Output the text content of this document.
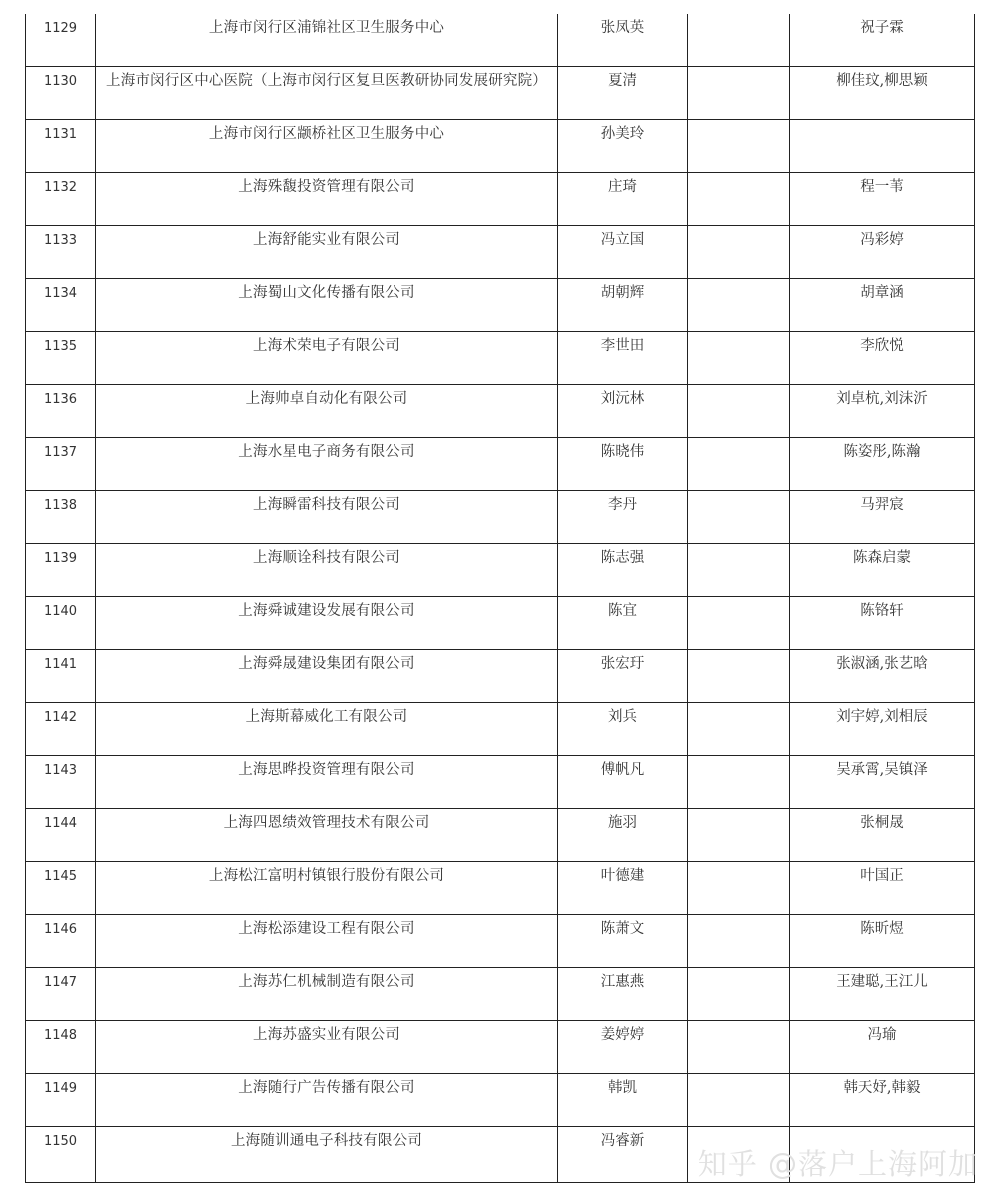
1129	上海市闵行区浦锦社区卫生服务中心	张凤英		祝子霖

1130	上海市闵行区中心医院（上海市闵行区复旦医教研协同发展研究院）	夏清		柳佳玟,柳思颖

1131	上海市闵行区颛桥社区卫生服务中心	孙美玲		

1132	上海殊馥投资管理有限公司	庄琦		程一苇

1133	上海舒能实业有限公司	冯立国		冯彩婷

1134	上海蜀山文化传播有限公司	胡朝辉		胡章涵

1135	上海术荣电子有限公司	李世田		李欣悦

1136	上海帅卓自动化有限公司	刘沅林		刘卓杭,刘沫沂

1137	上海水星电子商务有限公司	陈晓伟		陈姿彤,陈瀚

1138	上海瞬雷科技有限公司	李丹		马羿宸

1139	上海顺诠科技有限公司	陈志强		陈森启蒙

1140	上海舜诚建设发展有限公司	陈宜		陈铬轩

1141	上海舜晟建设集团有限公司	张宏玗		张淑涵,张艺晗

1142	上海斯幕威化工有限公司	刘兵		刘宇婷,刘相辰

1143	上海思晔投资管理有限公司	傅帆凡		吴承霄,吴镇泽

1144	上海四恩绩效管理技术有限公司	施羽		张桐晟

1145	上海松江富明村镇银行股份有限公司	叶德建		叶国正

1146	上海松添建设工程有限公司	陈萧文		陈昕煜

1147	上海苏仁机械制造有限公司	江惠燕		王建聪,王江儿

1148	上海苏盛实业有限公司	姜婷婷		冯瑜

1149	上海随行广告传播有限公司	韩凯		韩天妤,韩毅

1150	上海随训通电子科技有限公司	冯睿新		

知乎 @落户上海阿加
